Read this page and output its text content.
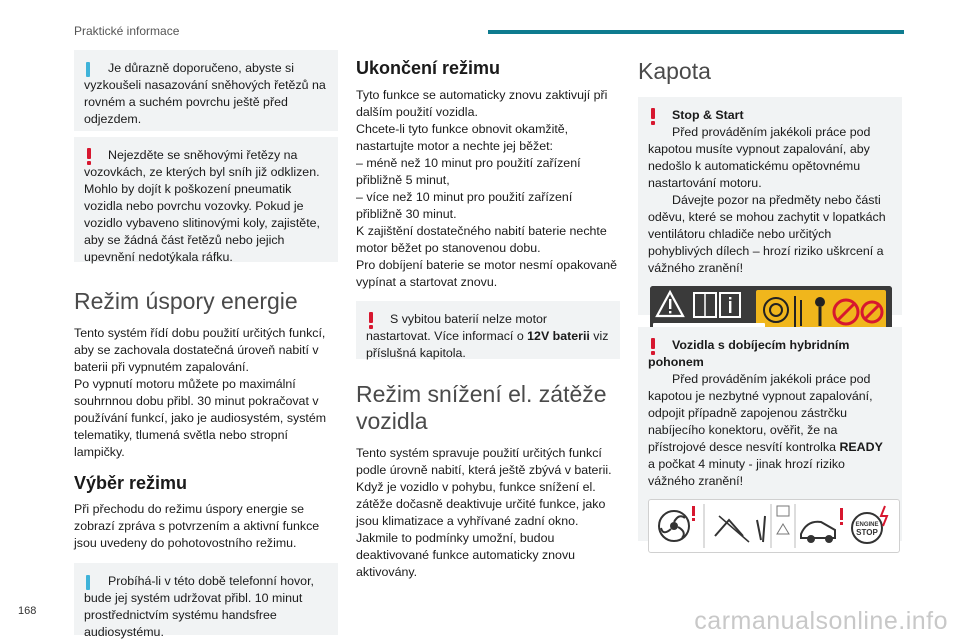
Praktické informace

Je důrazně doporučeno, abyste si vyzkoušeli nasazování sněhových řetězů na rovném a suchém povrchu ještě před odjezdem.

Nejezděte se sněhovými řetězy na vozovkách, ze kterých byl sníh již odklizen. Mohlo by dojít k poškození pneumatik vozidla nebo povrchu vozovky. Pokud je vozidlo vybaveno slitinovými koly, zajistěte, aby se žádná část řetězů nebo jejich upevnění nedotýkala ráfku.

Režim úspory energie

Tento systém řídí dobu použití určitých funkcí, aby se zachovala dostatečná úroveň nabití v baterii při vypnutém zapalování.

Po vypnutí motoru můžete po maximální souhrnnou dobu přibl. 30 minut pokračovat v používání funkcí, jako je audiosystém, systém telematiky, tlumená světla nebo stropní lampičky.

Výběr režimu

Při přechodu do režimu úspory energie se zobrazí zpráva s potvrzením a aktivní funkce jsou uvedeny do pohotovostního režimu.

Probíhá-li v této době telefonní hovor, bude jej systém udržovat přibl. 10 minut prostřednictvím systému handsfree audiosystému.

Ukončení režimu

Tyto funkce se automaticky znovu zaktivují při dalším použití vozidla.

Chcete-li tyto funkce obnovit okamžitě, nastartujte motor a nechte jej běžet:

– méně než 10 minut pro použití zařízení přibližně 5 minut,

– více než 10 minut pro použití zařízení přibližně 30 minut.

K zajištění dostatečného nabití baterie nechte motor běžet po stanovenou dobu.

Pro dobíjení baterie se motor nesmí opakovaně vypínat a startovat znovu.

S vybitou baterií nelze motor nastartovat. Více informací o 12V baterii viz příslušná kapitola.

Režim snížení el. zátěže vozidla

Tento systém spravuje použití určitých funkcí podle úrovně nabití, která ještě zbývá v baterii.

Když je vozidlo v pohybu, funkce snížení el. zátěže dočasně deaktivuje určité funkce, jako jsou klimatizace a vyhřívané zadní okno.

Jakmile to podmínky umožní, budou deaktivované funkce automaticky znovu aktivovány.

Kapota

Stop & Start

Před prováděním jakékoli práce pod kapotou musíte vypnout zapalování, aby nedošlo k automatickému opětovnému nastartování motoru.

Dávejte pozor na předměty nebo části oděvu, které se mohou zachytit v lopatkách ventilátoru chladiče nebo určitých pohyblivých dílech – hrozí riziko uškrcení a vážného zranění!

Vozidla s dobíjecím hybridním pohonem

Před prováděním jakékoli práce pod kapotou je nezbytné vypnout zapalování, odpojit případně zapojenou zástrčku nabíjecího konektoru, ověřit, že na přístrojové desce nesvítí kontrolka READY a počkat 4 minuty - jinak hrozí riziko vážného zranění!

ENGINE
STOP
168	carmanualsonline.info
